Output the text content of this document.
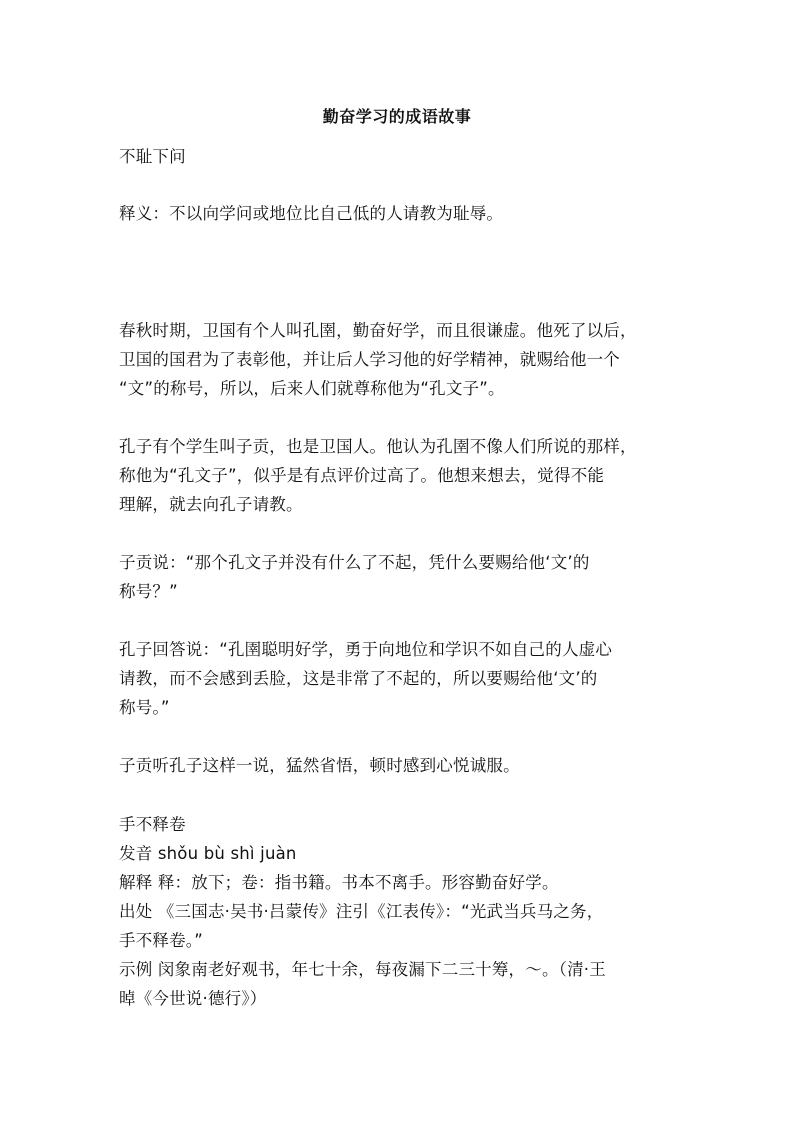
勤奋学习的成语故事
不耻下问
释义：不以向学问或地位比自己低的人请教为耻辱。
春秋时期，卫国有个人叫孔圉，勤奋好学，而且很谦虚。他死了以后，
卫国的国君为了表彰他，并让后人学习他的好学精神，就赐给他一个
“文”的称号，所以，后来人们就尊称他为“孔文子”。
孔子有个学生叫子贡，也是卫国人。他认为孔圉不像人们所说的那样，
称他为“孔文子”，似乎是有点评价过高了。他想来想去，觉得不能
理解，就去向孔子请教。
子贡说：“那个孔文子并没有什么了不起，凭什么要赐给他‘文’的
称号？”
孔子回答说：“孔圉聪明好学，勇于向地位和学识不如自己的人虚心
请教，而不会感到丢脸，这是非常了不起的，所以要赐给他‘文’的
称号。”
子贡听孔子这样一说，猛然省悟，顿时感到心悦诚服。
手不释卷
发音 shǒu bù shì juàn
解释 释：放下；卷：指书籍。书本不离手。形容勤奋好学。
出处 《三国志·吴书·吕蒙传》注引《江表传》：“光武当兵马之务，
手不释卷。”
示例 闵象南老好观书，年七十余，每夜漏下二三十筹，～。（清·王
晫《今世说·德行》）
